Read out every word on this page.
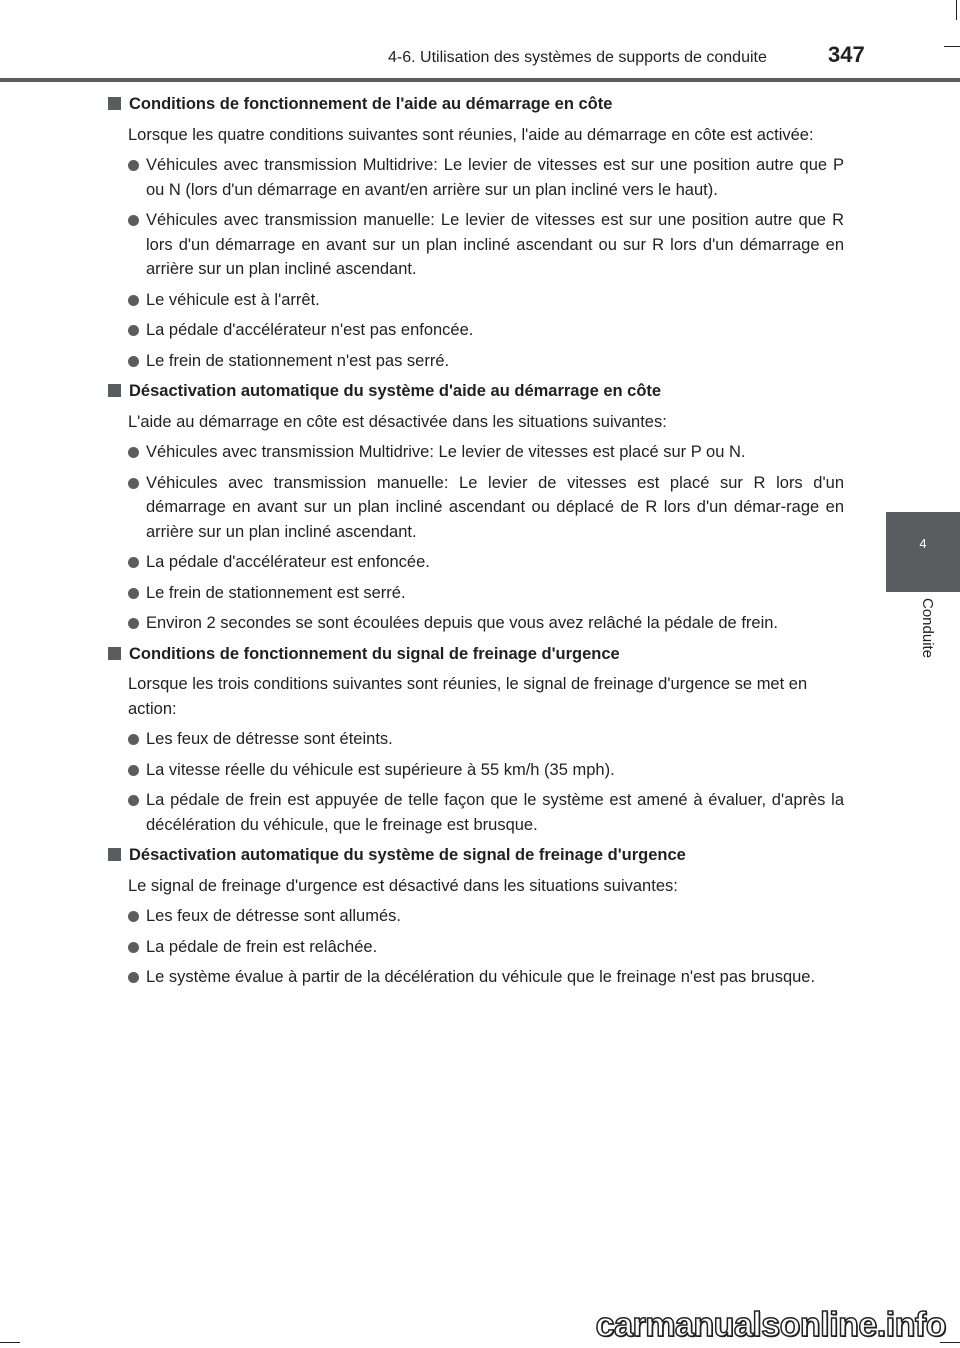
4-6. Utilisation des systèmes de supports de conduite	347
4
Conduite
Conditions de fonctionnement de l'aide au démarrage en côte

Lorsque les quatre conditions suivantes sont réunies, l'aide au démarrage en côte est activée:

Véhicules avec transmission Multidrive: Le levier de vitesses est sur une position autre que P ou N (lors d'un démarrage en avant/en arrière sur un plan incliné vers le haut).
Véhicules avec transmission manuelle: Le levier de vitesses est sur une position autre que R lors d'un démarrage en avant sur un plan incliné ascendant ou sur R lors d'un démarrage en arrière sur un plan incliné ascendant.
Le véhicule est à l'arrêt.
La pédale d'accélérateur n'est pas enfoncée.
Le frein de stationnement n'est pas serré.
Désactivation automatique du système d'aide au démarrage en côte

L'aide au démarrage en côte est désactivée dans les situations suivantes:

Véhicules avec transmission Multidrive: Le levier de vitesses est placé sur P ou N.
Véhicules avec transmission manuelle: Le levier de vitesses est placé sur R lors d'un démarrage en avant sur un plan incliné ascendant ou déplacé de R lors d'un démar-rage en arrière sur un plan incliné ascendant.
La pédale d'accélérateur est enfoncée.
Le frein de stationnement est serré.
Environ 2 secondes se sont écoulées depuis que vous avez relâché la pédale de frein.
Conditions de fonctionnement du signal de freinage d'urgence

Lorsque les trois conditions suivantes sont réunies, le signal de freinage d'urgence se met en action:

Les feux de détresse sont éteints.
La vitesse réelle du véhicule est supérieure à 55 km/h (35 mph).
La pédale de frein est appuyée de telle façon que le système est amené à évaluer, d'après la décélération du véhicule, que le freinage est brusque.
Désactivation automatique du système de signal de freinage d'urgence

Le signal de freinage d'urgence est désactivé dans les situations suivantes:

Les feux de détresse sont allumés.
La pédale de frein est relâchée.
Le système évalue à partir de la décélération du véhicule que le freinage n'est pas brusque.
carmanualsonline.info
